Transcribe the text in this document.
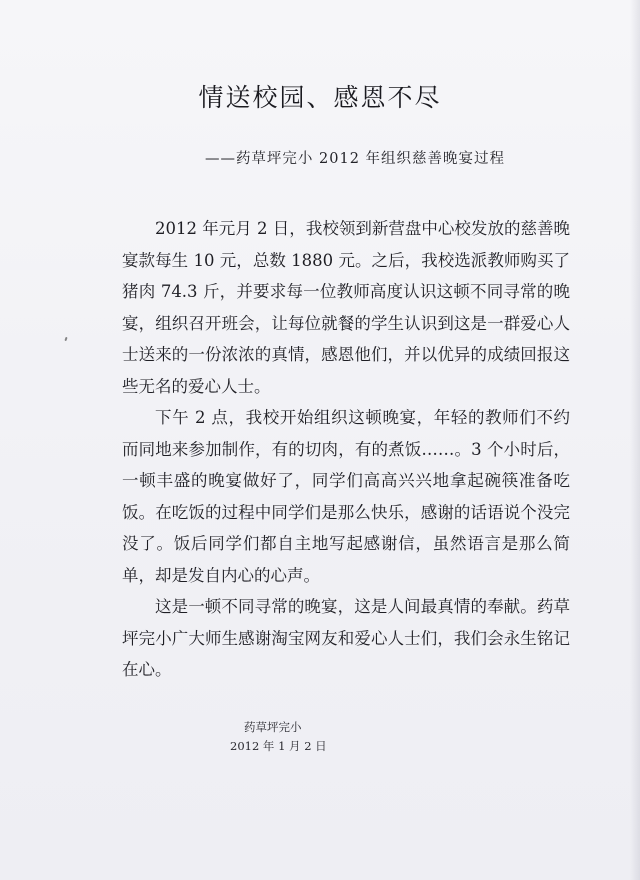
情送校园、感恩不尽
——药草坪完小 2012 年组织慈善晚宴过程

2012 年元月 2 日，我校领到新营盘中心校发放的慈善晚宴款每生 10 元，总数 1880 元。之后，我校选派教师购买了猪肉 74.3 斤，并要求每一位教师高度认识这顿不同寻常的晚宴，组织召开班会，让每位就餐的学生认识到这是一群爱心人士送来的一份浓浓的真情，感恩他们，并以优异的成绩回报这些无名的爱心人士。

下午 2 点，我校开始组织这顿晚宴，年轻的教师们不约而同地来参加制作，有的切肉，有的煮饭……。3 个小时后，一顿丰盛的晚宴做好了，同学们高高兴兴地拿起碗筷准备吃饭。在吃饭的过程中同学们是那么快乐，感谢的话语说个没完没了。饭后同学们都自主地写起感谢信，虽然语言是那么简单，却是发自内心的心声。

这是一顿不同寻常的晚宴，这是人间最真情的奉献。药草坪完小广大师生感谢淘宝网友和爱心人士们，我们会永生铭记在心。

药草坪完小
2012 年 1 月 2 日
